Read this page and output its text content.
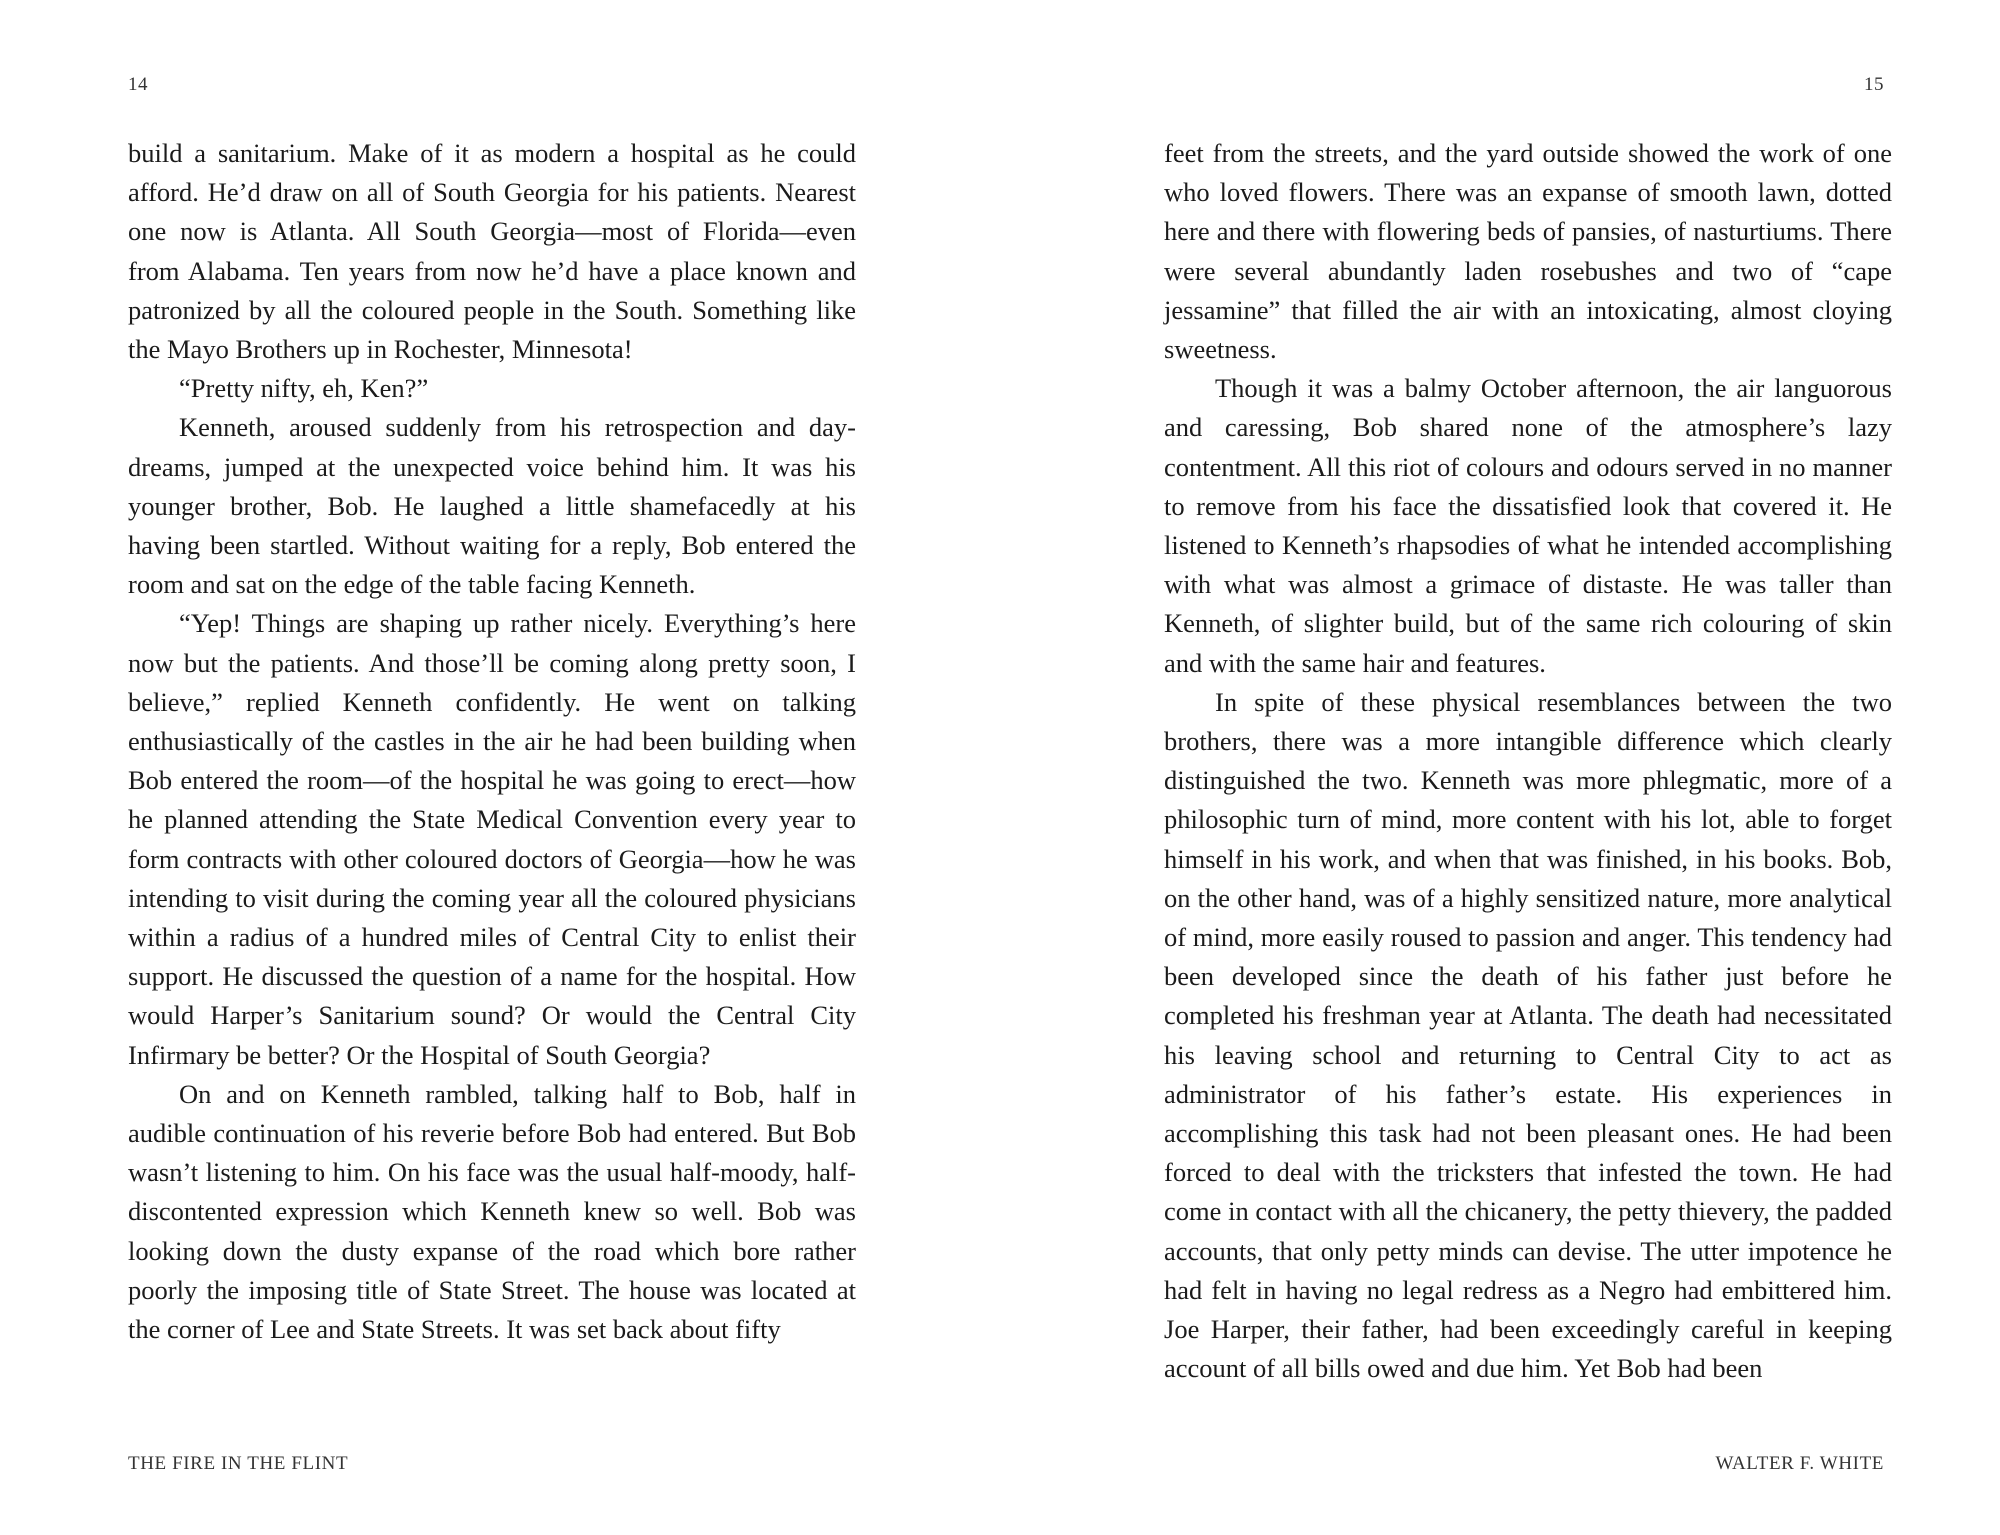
14

build a sanitarium. Make of it as modern a hospital as he could afford. He’d draw on all of South Georgia for his patients. Nearest one now is Atlanta. All South Georgia—most of Florida—even from Alabama. Ten years from now he’d have a place known and patronized by all the coloured people in the South. Something like the Mayo Brothers up in Rochester, Minnesota!

“Pretty nifty, eh, Ken?”

Kenneth, aroused suddenly from his retrospection and day-dreams, jumped at the unexpected voice behind him. It was his younger brother, Bob. He laughed a little shamefacedly at his having been startled. Without waiting for a reply, Bob entered the room and sat on the edge of the table facing Kenneth.

“Yep! Things are shaping up rather nicely. Everything’s here now but the patients. And those’ll be coming along pretty soon, I believe,” replied Kenneth confidently. He went on talking enthusiastically of the castles in the air he had been building when Bob entered the room—of the hospital he was going to erect—how he planned attending the State Medical Convention every year to form contracts with other coloured doctors of Georgia—how he was intending to visit during the coming year all the coloured physicians within a radius of a hundred miles of Central City to enlist their support. He discussed the question of a name for the hospital. How would Harper’s Sanitarium sound? Or would the Central City Infirmary be better? Or the Hospital of South Georgia?

On and on Kenneth rambled, talking half to Bob, half in audible continuation of his reverie before Bob had entered. But Bob wasn’t listening to him. On his face was the usual half-moody, half-discontented expression which Kenneth knew so well. Bob was looking down the dusty expanse of the road which bore rather poorly the imposing title of State Street. The house was located at the corner of Lee and State Streets. It was set back about fifty

THE FIRE IN THE FLINT
15

feet from the streets, and the yard outside showed the work of one who loved flowers. There was an expanse of smooth lawn, dotted here and there with flowering beds of pansies, of nasturtiums. There were several abundantly laden rosebushes and two of “cape jessamine” that filled the air with an intoxicating, almost cloying sweetness.

Though it was a balmy October afternoon, the air languorous and caressing, Bob shared none of the atmosphere’s lazy contentment. All this riot of colours and odours served in no manner to remove from his face the dissatisfied look that covered it. He listened to Kenneth’s rhapsodies of what he intended accomplishing with what was almost a grimace of distaste. He was taller than Kenneth, of slighter build, but of the same rich colouring of skin and with the same hair and features.

In spite of these physical resemblances between the two brothers, there was a more intangible difference which clearly distinguished the two. Kenneth was more phlegmatic, more of a philosophic turn of mind, more content with his lot, able to forget himself in his work, and when that was finished, in his books. Bob, on the other hand, was of a highly sensitized nature, more analytical of mind, more easily roused to passion and anger. This tendency had been developed since the death of his father just before he completed his freshman year at Atlanta. The death had necessitated his leaving school and returning to Central City to act as administrator of his father’s estate. His experiences in accomplishing this task had not been pleasant ones. He had been forced to deal with the tricksters that infested the town. He had come in contact with all the chicanery, the petty thievery, the padded accounts, that only petty minds can devise. The utter impotence he had felt in having no legal redress as a Negro had embittered him. Joe Harper, their father, had been exceedingly careful in keeping account of all bills owed and due him. Yet Bob had been

WALTER F. WHITE
